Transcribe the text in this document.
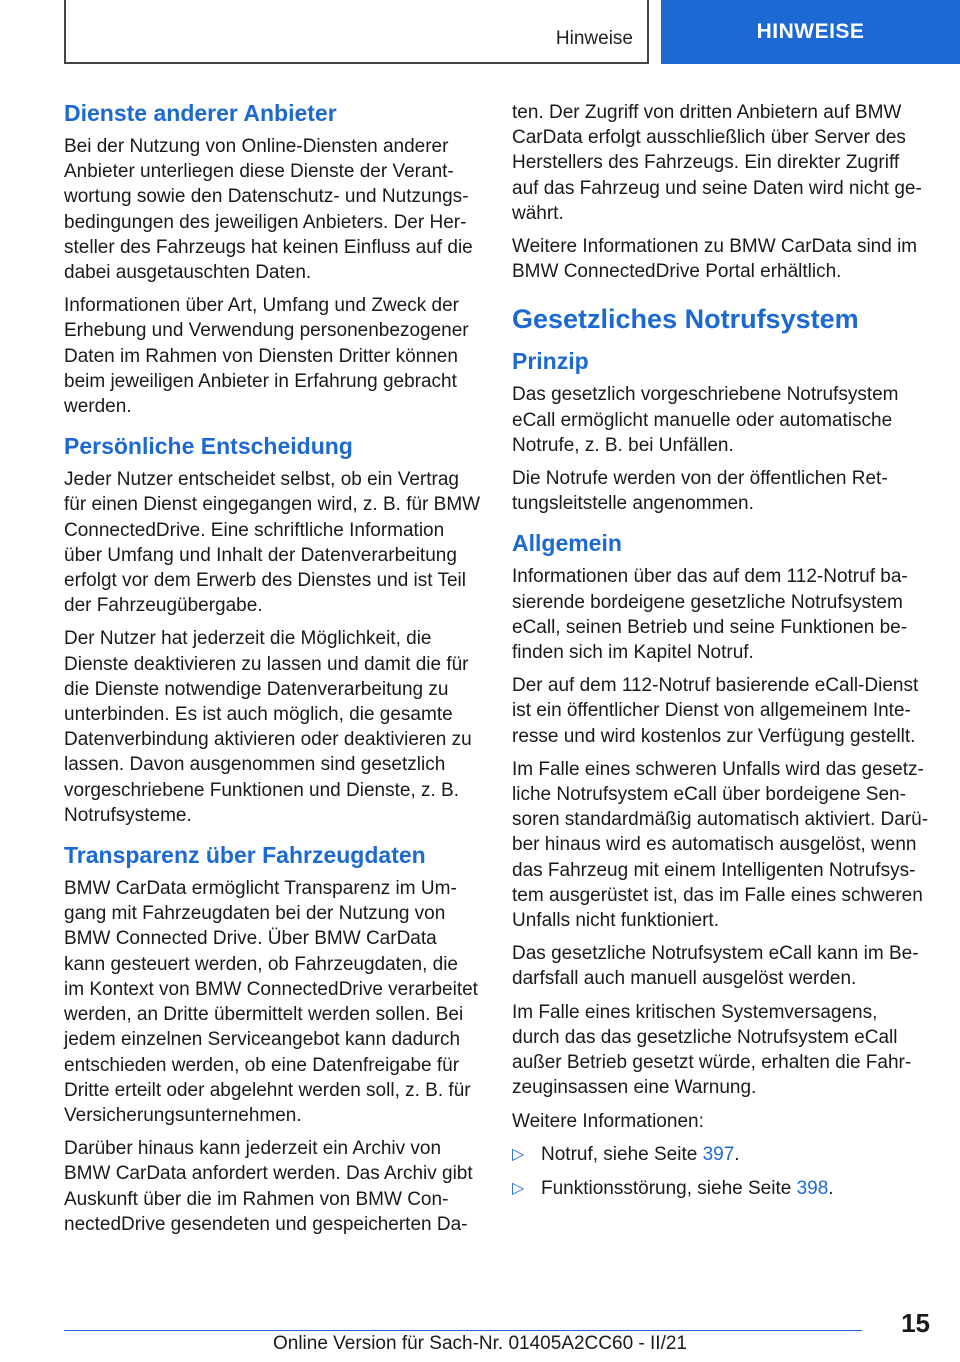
Hinweise	HINWEISE
Dienste anderer Anbieter

Bei der Nutzung von Online-Diensten anderer Anbieter unterliegen diese Dienste der Verantwortung sowie den Datenschutz- und Nutzungsbedingungen des jeweiligen Anbieters. Der Hersteller des Fahrzeugs hat keinen Einfluss auf die dabei ausgetauschten Daten.

Informationen über Art, Umfang und Zweck der Erhebung und Verwendung personenbezogener Daten im Rahmen von Diensten Dritter können beim jeweiligen Anbieter in Erfahrung gebracht werden.

Persönliche Entscheidung

Jeder Nutzer entscheidet selbst, ob ein Vertrag für einen Dienst eingegangen wird, z. B. für BMW ConnectedDrive. Eine schriftliche Information über Umfang und Inhalt der Datenverarbeitung erfolgt vor dem Erwerb des Dienstes und ist Teil der Fahrzeugübergabe.

Der Nutzer hat jederzeit die Möglichkeit, die Dienste deaktivieren zu lassen und damit die für die Dienste notwendige Datenverarbeitung zu unterbinden. Es ist auch möglich, die gesamte Datenverbindung aktivieren oder deaktivieren zu lassen. Davon ausgenommen sind gesetzlich vorgeschriebene Funktionen und Dienste, z. B. Notrufsysteme.

Transparenz über Fahrzeugdaten

BMW CarData ermöglicht Transparenz im Umgang mit Fahrzeugdaten bei der Nutzung von BMW Connected Drive. Über BMW CarData kann gesteuert werden, ob Fahrzeugdaten, die im Kontext von BMW ConnectedDrive verarbeitet werden, an Dritte übermittelt werden sollen. Bei jedem einzelnen Serviceangebot kann dadurch entschieden werden, ob eine Datenfreigabe für Dritte erteilt oder abgelehnt werden soll, z. B. für Versicherungsunternehmen.

Darüber hinaus kann jederzeit ein Archiv von BMW CarData anfordert werden. Das Archiv gibt Auskunft über die im Rahmen von BMW ConnectedDrive gesendeten und gespeicherten Da-

ten. Der Zugriff von dritten Anbietern auf BMW CarData erfolgt ausschließlich über Server des Herstellers des Fahrzeugs. Ein direkter Zugriff auf das Fahrzeug und seine Daten wird nicht gewährt.

Weitere Informationen zu BMW CarData sind im BMW ConnectedDrive Portal erhältlich.

Gesetzliches Notrufsystem
Prinzip

Das gesetzlich vorgeschriebene Notrufsystem eCall ermöglicht manuelle oder automatische Notrufe, z. B. bei Unfällen.

Die Notrufe werden von der öffentlichen Rettungsleitstelle angenommen.

Allgemein

Informationen über das auf dem 112-Notruf basierende bordeigene gesetzliche Notrufsystem eCall, seinen Betrieb und seine Funktionen befinden sich im Kapitel Notruf.

Der auf dem 112-Notruf basierende eCall-Dienst ist ein öffentlicher Dienst von allgemeinem Interesse und wird kostenlos zur Verfügung gestellt.

Im Falle eines schweren Unfalls wird das gesetzliche Notrufsystem eCall über bordeigene Sensoren standardmäßig automatisch aktiviert. Darüber hinaus wird es automatisch ausgelöst, wenn das Fahrzeug mit einem Intelligenten Notrufsystem ausgerüstet ist, das im Falle eines schweren Unfalls nicht funktioniert.

Das gesetzliche Notrufsystem eCall kann im Bedarfsfall auch manuell ausgelöst werden.

Im Falle eines kritischen Systemversagens, durch das das gesetzliche Notrufsystem eCall außer Betrieb gesetzt würde, erhalten die Fahrzeuginsassen eine Warnung.

Weitere Informationen:

▷ Notruf, siehe Seite 397.
▷ Funktionsstörung, siehe Seite 398.
15
Online Version für Sach-Nr. 01405A2CC60 - II/21
